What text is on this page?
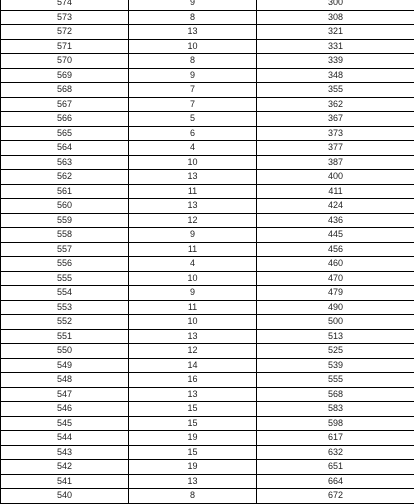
574	9	300
573	8	308
572	13	321
571	10	331
570	8	339
569	9	348
568	7	355
567	7	362
566	5	367
565	6	373
564	4	377
563	10	387
562	13	400
561	11	411
560	13	424
559	12	436
558	9	445
557	11	456
556	4	460
555	10	470
554	9	479
553	11	490
552	10	500
551	13	513
550	12	525
549	14	539
548	16	555
547	13	568
546	15	583
545	15	598
544	19	617
543	15	632
542	19	651
541	13	664
540	8	672
